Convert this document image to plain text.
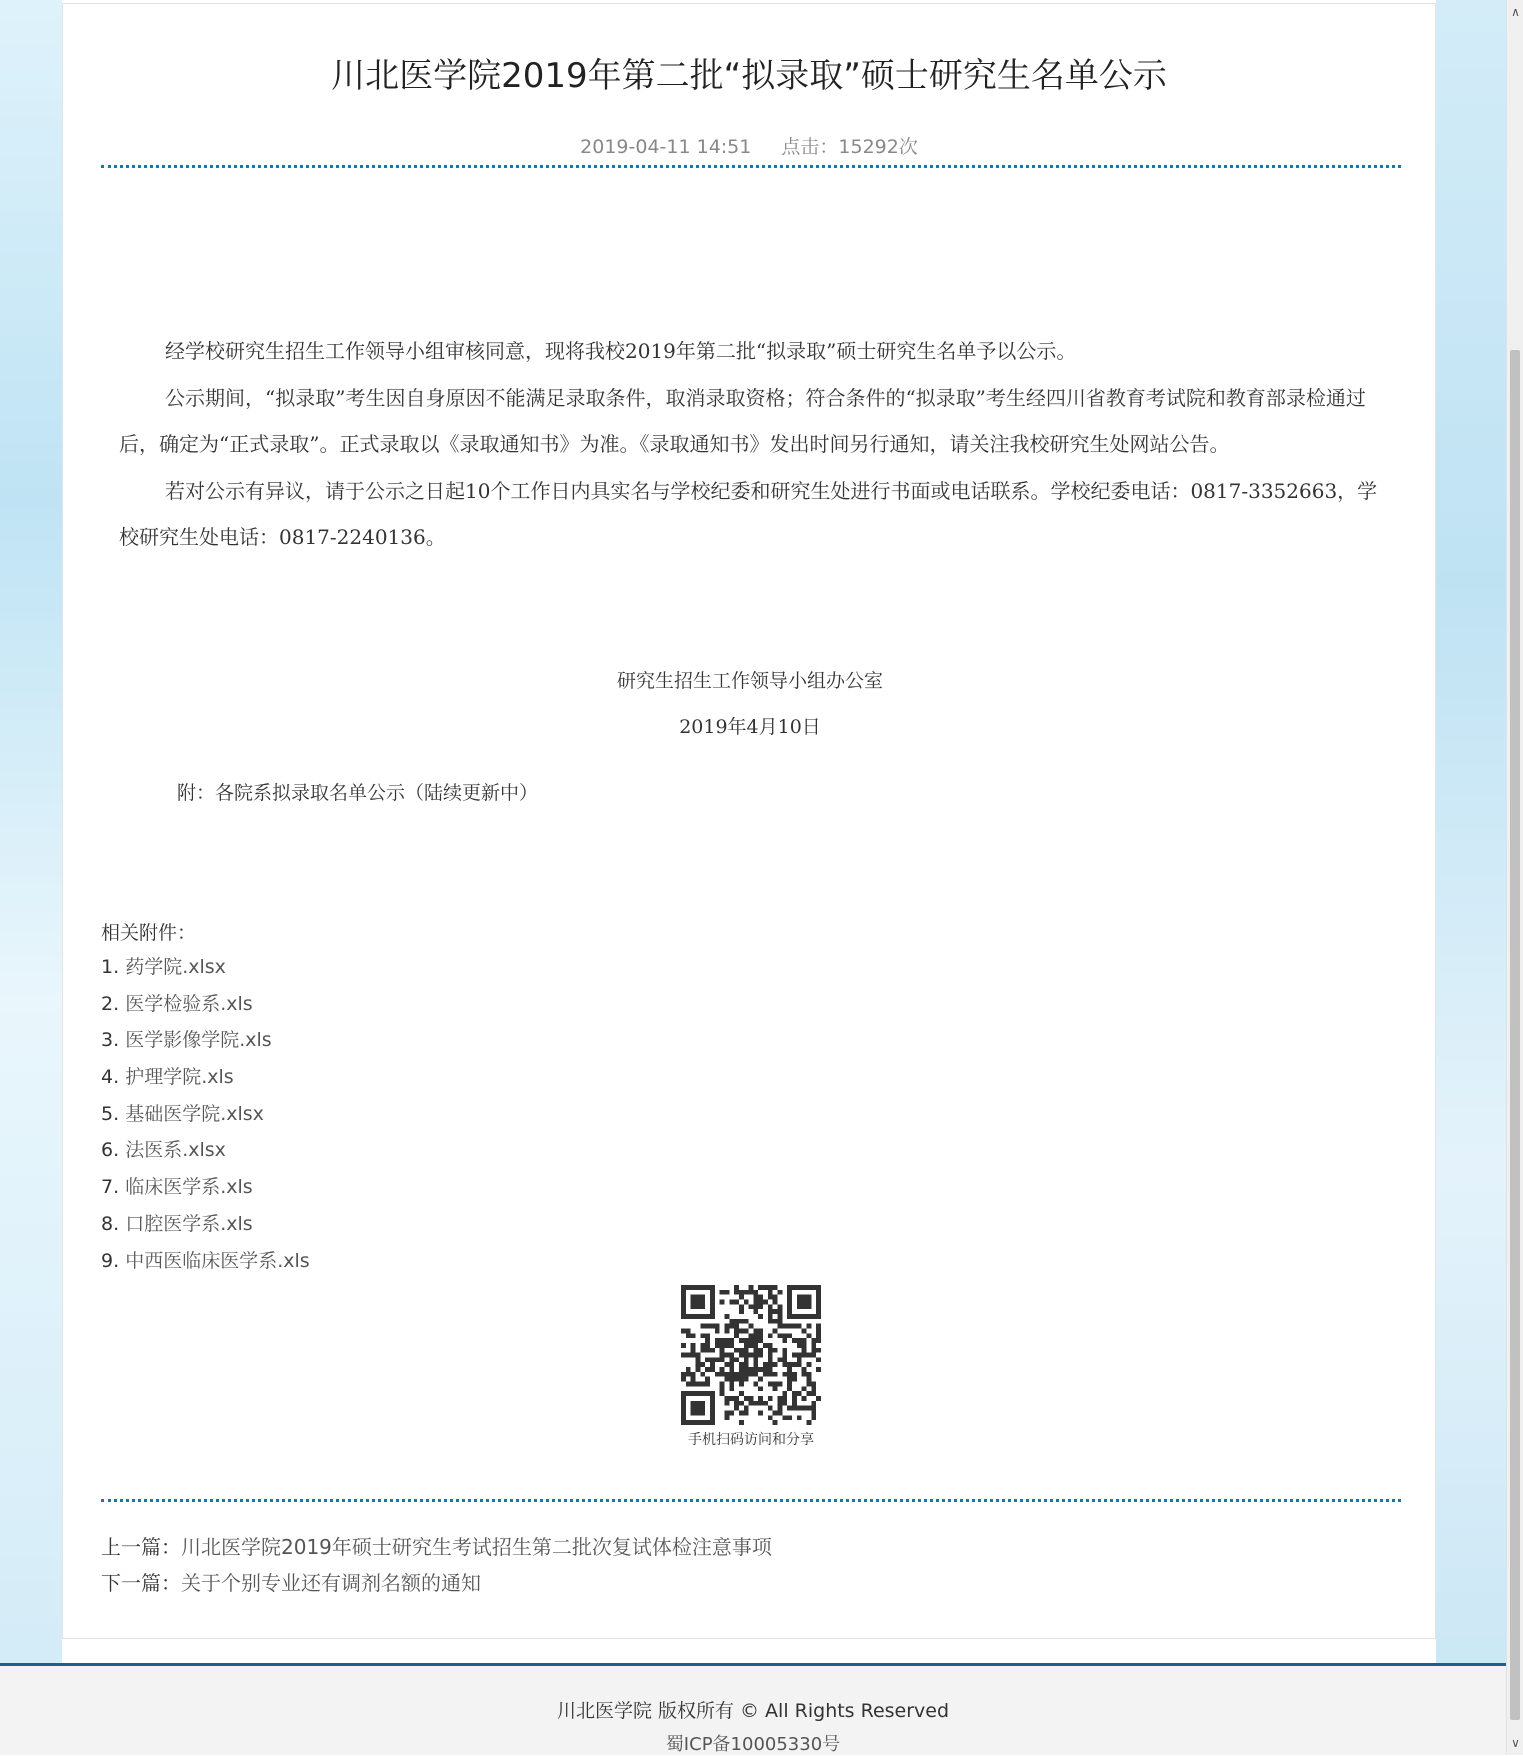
∧
∨
川北医学院2019年第二批“拟录取”硕士研究生名单公示
2019-04-11 14:51 点击：15292次

经学校研究生招生工作领导小组审核同意，现将我校2019年第二批“拟录取”硕士研究生名单予以公示。

公示期间，“拟录取”考生因自身原因不能满足录取条件，取消录取资格；符合条件的“拟录取”考生经四川省教育考试院和教育部录检通过后，确定为“正式录取”。正式录取以《录取通知书》为准。《录取通知书》发出时间另行通知，请关注我校研究生处网站公告。

若对公示有异议，请于公示之日起10个工作日内具实名与学校纪委和研究生处进行书面或电话联系。学校纪委电话：0817-3352663，学校研究生处电话：0817-2240136。

研究生招生工作领导小组办公室
2019年4月10日
附：各院系拟录取名单公示（陆续更新中）
相关附件：
1. 药学院.xlsx
2. 医学检验系.xls
3. 医学影像学院.xls
4. 护理学院.xls
5. 基础医学院.xlsx
6. 法医系.xlsx
7. 临床医学系.xls
8. 口腔医学系.xls
9. 中西医临床医学系.xls
手机扫码访问和分享
上一篇：川北医学院2019年硕士研究生考试招生第二批次复试体检注意事项
下一篇：关于个别专业还有调剂名额的通知
川北医学院 版权所有 © All Rights Reserved
蜀ICP备10005330号
